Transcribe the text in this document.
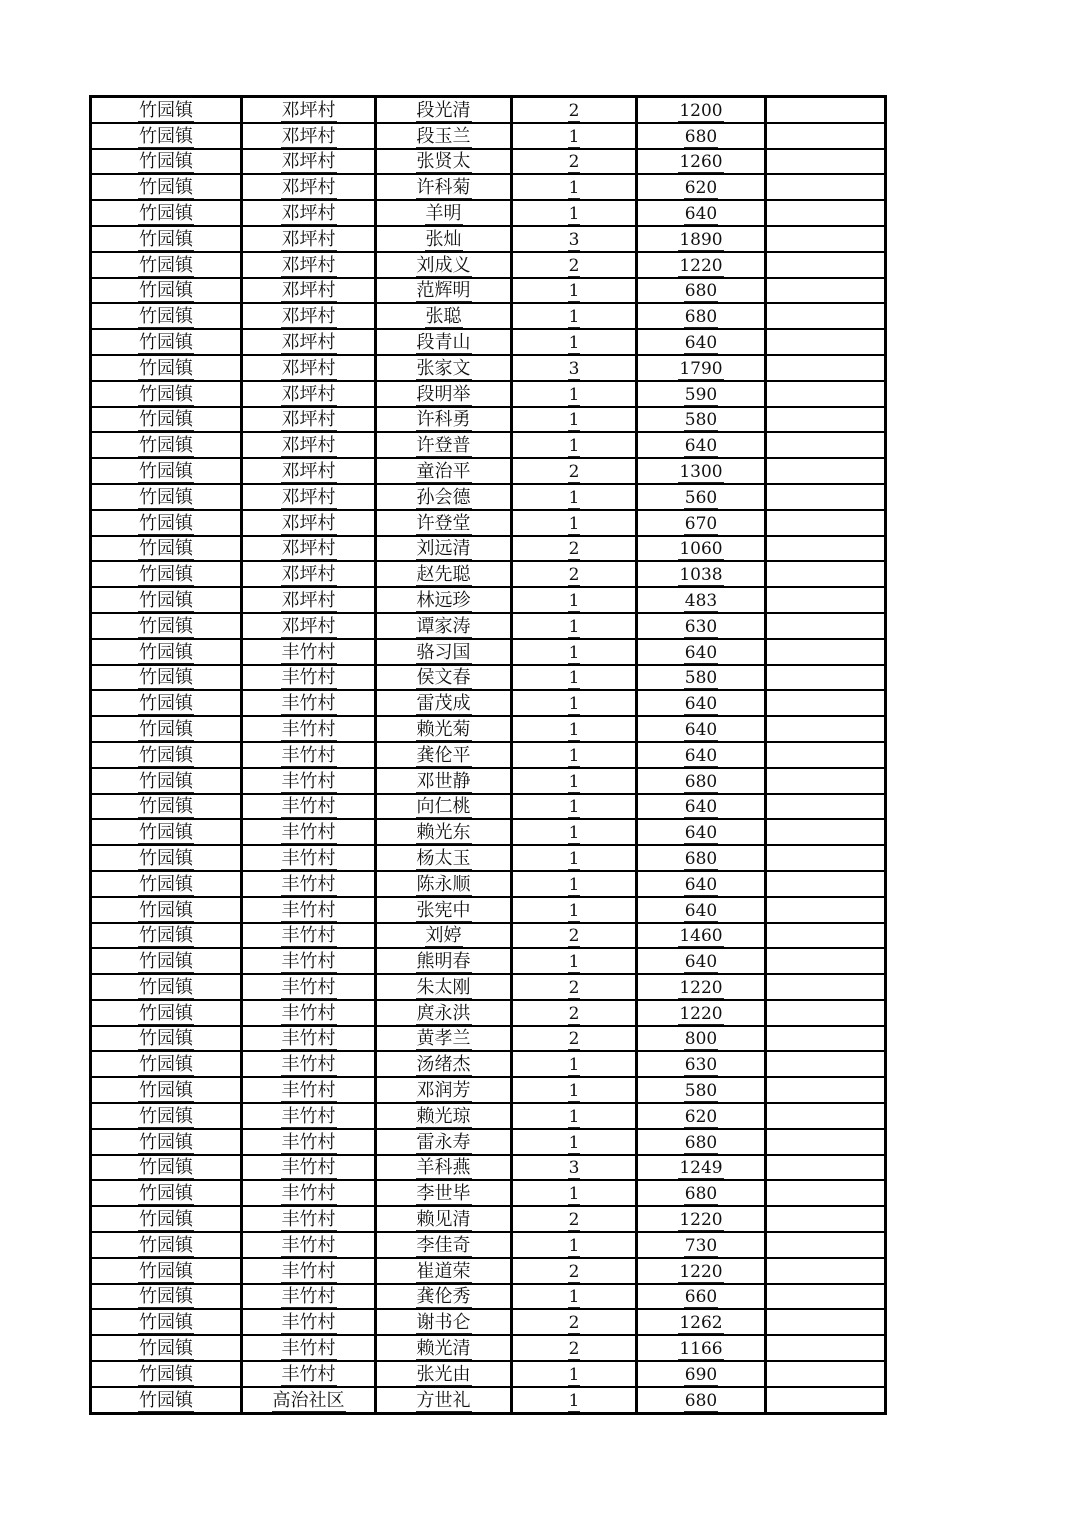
竹园镇	邓坪村	段光清	2	1200	
竹园镇	邓坪村	段玉兰	1	680	
竹园镇	邓坪村	张贤太	2	1260	
竹园镇	邓坪村	许科菊	1	620	
竹园镇	邓坪村	羊明	1	640	
竹园镇	邓坪村	张灿	3	1890	
竹园镇	邓坪村	刘成义	2	1220	
竹园镇	邓坪村	范辉明	1	680	
竹园镇	邓坪村	张聪	1	680	
竹园镇	邓坪村	段青山	1	640	
竹园镇	邓坪村	张家文	3	1790	
竹园镇	邓坪村	段明举	1	590	
竹园镇	邓坪村	许科勇	1	580	
竹园镇	邓坪村	许登普	1	640	
竹园镇	邓坪村	童治平	2	1300	
竹园镇	邓坪村	孙会德	1	560	
竹园镇	邓坪村	许登堂	1	670	
竹园镇	邓坪村	刘远清	2	1060	
竹园镇	邓坪村	赵先聪	2	1038	
竹园镇	邓坪村	林远珍	1	483	
竹园镇	邓坪村	谭家涛	1	630	
竹园镇	丰竹村	骆习国	1	640	
竹园镇	丰竹村	侯文春	1	580	
竹园镇	丰竹村	雷茂成	1	640	
竹园镇	丰竹村	赖光菊	1	640	
竹园镇	丰竹村	龚伦平	1	640	
竹园镇	丰竹村	邓世静	1	680	
竹园镇	丰竹村	向仁桃	1	640	
竹园镇	丰竹村	赖光东	1	640	
竹园镇	丰竹村	杨太玉	1	680	
竹园镇	丰竹村	陈永顺	1	640	
竹园镇	丰竹村	张宪中	1	640	
竹园镇	丰竹村	刘婷	2	1460	
竹园镇	丰竹村	熊明春	1	640	
竹园镇	丰竹村	朱太刚	2	1220	
竹园镇	丰竹村	庹永洪	2	1220	
竹园镇	丰竹村	黄孝兰	2	800	
竹园镇	丰竹村	汤绪杰	1	630	
竹园镇	丰竹村	邓润芳	1	580	
竹园镇	丰竹村	赖光琼	1	620	
竹园镇	丰竹村	雷永寿	1	680	
竹园镇	丰竹村	羊科燕	3	1249	
竹园镇	丰竹村	李世毕	1	680	
竹园镇	丰竹村	赖见清	2	1220	
竹园镇	丰竹村	李佳奇	1	730	
竹园镇	丰竹村	崔道荣	2	1220	
竹园镇	丰竹村	龚伦秀	1	660	
竹园镇	丰竹村	谢书仑	2	1262	
竹园镇	丰竹村	赖光清	2	1166	
竹园镇	丰竹村	张光由	1	690	
竹园镇	高治社区	方世礼	1	680	
